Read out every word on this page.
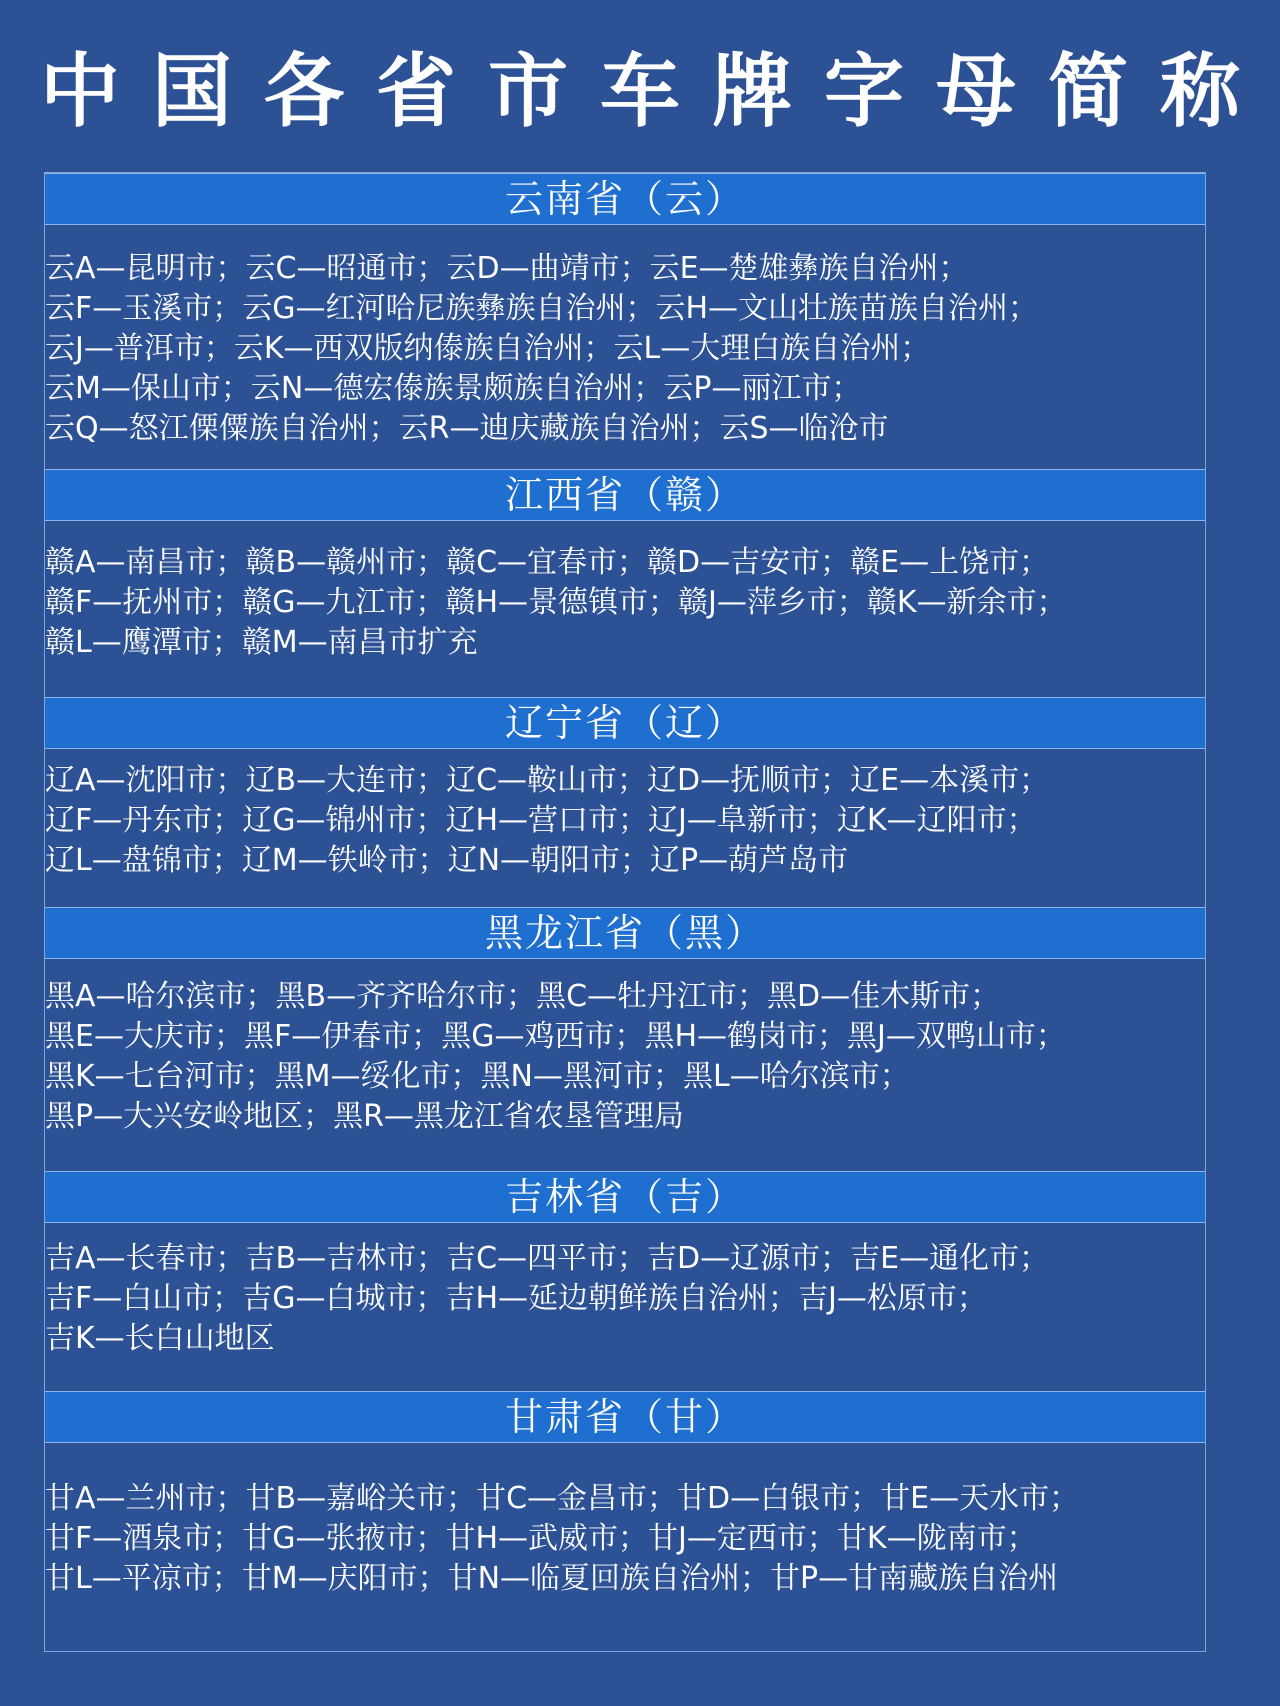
中国各省市车牌字母简称
云南省（云）
云A—昆明市；云C—昭通市；云D—曲靖市；云E—楚雄彝族自治州；
云F—玉溪市；云G—红河哈尼族彝族自治州；云H—文山壮族苗族自治州；
云J—普洱市；云K—西双版纳傣族自治州；云L—大理白族自治州；
云M—保山市；云N—德宏傣族景颇族自治州；云P—丽江市；
云Q—怒江傈僳族自治州；云R—迪庆藏族自治州；云S—临沧市
江西省（赣）
赣A—南昌市；赣B—赣州市；赣C—宜春市；赣D—吉安市；赣E—上饶市；
赣F—抚州市；赣G—九江市；赣H—景德镇市；赣J—萍乡市；赣K—新余市；
赣L—鹰潭市；赣M—南昌市扩充
辽宁省（辽）
辽A—沈阳市；辽B—大连市；辽C—鞍山市；辽D—抚顺市；辽E—本溪市；
辽F—丹东市；辽G—锦州市；辽H—营口市；辽J—阜新市；辽K—辽阳市；
辽L—盘锦市；辽M—铁岭市；辽N—朝阳市；辽P—葫芦岛市
黑龙江省（黑）
黑A—哈尔滨市；黑B—齐齐哈尔市；黑C—牡丹江市；黑D—佳木斯市；
黑E—大庆市；黑F—伊春市；黑G—鸡西市；黑H—鹤岗市；黑J—双鸭山市；
黑K—七台河市；黑M—绥化市；黑N—黑河市；黑L—哈尔滨市；
黑P—大兴安岭地区；黑R—黑龙江省农垦管理局
吉林省（吉）
吉A—长春市；吉B—吉林市；吉C—四平市；吉D—辽源市；吉E—通化市；
吉F—白山市；吉G—白城市；吉H—延边朝鲜族自治州；吉J—松原市；
吉K—长白山地区
甘肃省（甘）
甘A—兰州市；甘B—嘉峪关市；甘C—金昌市；甘D—白银市；甘E—天水市；
甘F—酒泉市；甘G—张掖市；甘H—武威市；甘J—定西市；甘K—陇南市；
甘L—平凉市；甘M—庆阳市；甘N—临夏回族自治州；甘P—甘南藏族自治州
